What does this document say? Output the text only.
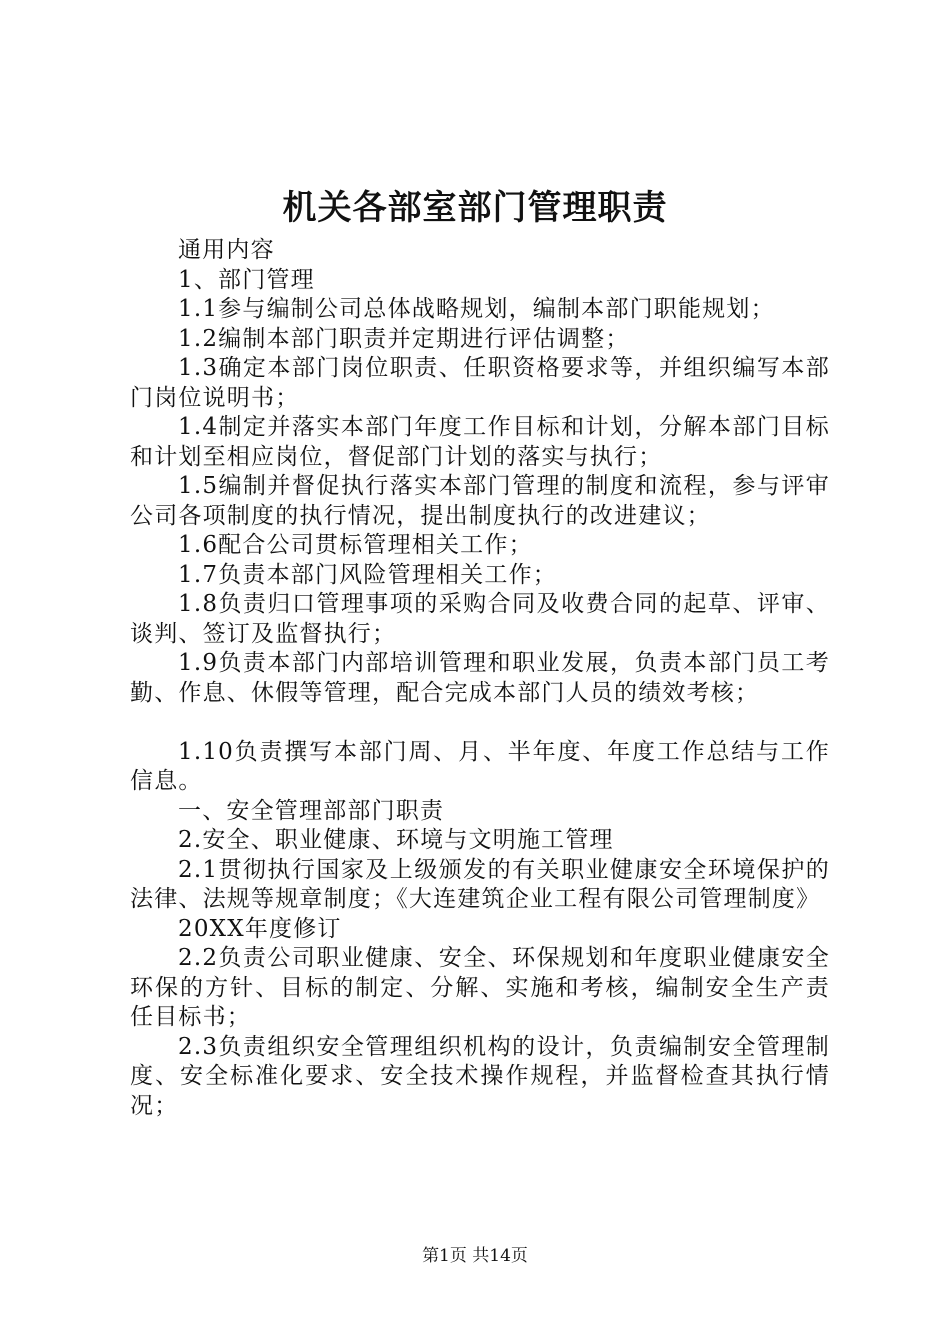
机关各部室部门管理职责

通用内容

1、部门管理

1.1参与编制公司总体战略规划，编制本部门职能规划；

1.2编制本部门职责并定期进行评估调整；

1.3确定本部门岗位职责、任职资格要求等，并组织编写本部门岗位说明书；

1.4制定并落实本部门年度工作目标和计划，分解本部门目标和计划至相应岗位，督促部门计划的落实与执行；

1.5编制并督促执行落实本部门管理的制度和流程，参与评审公司各项制度的执行情况，提出制度执行的改进建议；

1.6配合公司贯标管理相关工作；

1.7负责本部门风险管理相关工作；

1.8负责归口管理事项的采购合同及收费合同的起草、评审、谈判、签订及监督执行；

1.9负责本部门内部培训管理和职业发展，负责本部门员工考勤、作息、休假等管理，配合完成本部门人员的绩效考核；

1.10负责撰写本部门周、月、半年度、年度工作总结与工作信息。

一、安全管理部部门职责

2.安全、职业健康、环境与文明施工管理

2.1贯彻执行国家及上级颁发的有关职业健康安全环境保护的法律、法规等规章制度；《大连建筑企业工程有限公司管理制度》

20XX年度修订

2.2负责公司职业健康、安全、环保规划和年度职业健康安全环保的方针、目标的制定、分解、实施和考核，编制安全生产责任目标书；

2.3负责组织安全管理组织机构的设计，负责编制安全管理制度、安全标准化要求、安全技术操作规程，并监督检查其执行情况；

第1页 共14页
